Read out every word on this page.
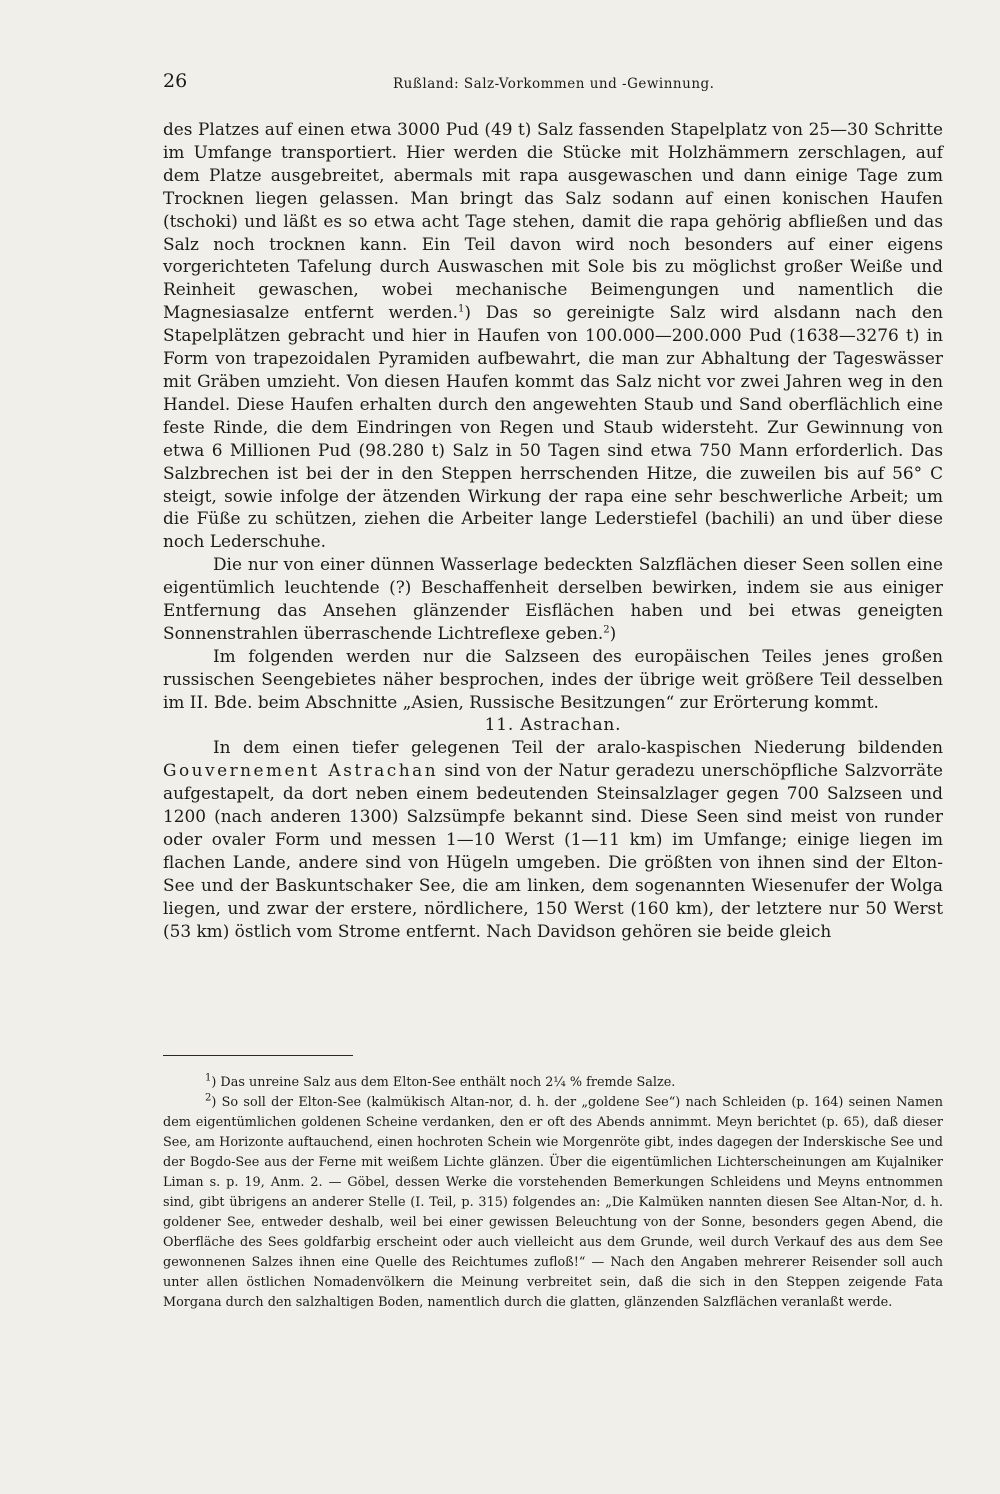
26	Rußland: Salz-Vorkommen und -Gewinnung.

des Platzes auf einen etwa 3000 Pud (49 t) Salz fassenden Stapelplatz von 25—30 Schritte im Umfange transportiert. Hier werden die Stücke mit Holzhämmern zerschlagen, auf dem Platze ausgebreitet, abermals mit rapa ausgewaschen und dann einige Tage zum Trocknen liegen gelassen. Man bringt das Salz sodann auf einen konischen Haufen (tschoki) und läßt es so etwa acht Tage stehen, damit die rapa gehörig abfließen und das Salz noch trocknen kann. Ein Teil davon wird noch besonders auf einer eigens vorgerichteten Tafelung durch Auswaschen mit Sole bis zu möglichst großer Weiße und Reinheit gewaschen, wobei mechanische Beimengungen und namentlich die Magnesiasalze entfernt werden.$^1$) Das so gereinigte Salz wird alsdann nach den Stapelplätzen gebracht und hier in Haufen von 100.000—200.000 Pud (1638—3276 t) in Form von trapezoidalen Pyramiden aufbewahrt, die man zur Abhaltung der Tageswässer mit Gräben umzieht. Von diesen Haufen kommt das Salz nicht vor zwei Jahren weg in den Handel. Diese Haufen erhalten durch den angewehten Staub und Sand oberflächlich eine feste Rinde, die dem Eindringen von Regen und Staub widersteht. Zur Gewinnung von etwa 6 Millionen Pud (98.280 t) Salz in 50 Tagen sind etwa 750 Mann erforderlich. Das Salzbrechen ist bei der in den Steppen herrschenden Hitze, die zuweilen bis auf 56° C steigt, sowie infolge der ätzenden Wirkung der rapa eine sehr beschwerliche Arbeit; um die Füße zu schützen, ziehen die Arbeiter lange Lederstiefel (bachili) an und über diese noch Lederschuhe.

Die nur von einer dünnen Wasserlage bedeckten Salzflächen dieser Seen sollen eine eigentümlich leuchtende (?) Beschaffenheit derselben bewirken, indem sie aus einiger Entfernung das Ansehen glänzender Eisflächen haben und bei etwas geneigten Sonnenstrahlen überraschende Lichtreflexe geben.$^2$)

Im folgenden werden nur die Salzseen des europäischen Teiles jenes großen russischen Seengebietes näher besprochen, indes der übrige weit größere Teil desselben im II. Bde. beim Abschnitte „Asien, Russische Besitzungen“ zur Erörterung kommt.

11. Astrachan.

In dem einen tiefer gelegenen Teil der aralo-kaspischen Niederung bildenden Gouvernement Astrachan sind von der Natur geradezu unerschöpfliche Salzvorräte aufgestapelt, da dort neben einem bedeutenden Steinsalzlager gegen 700 Salzseen und 1200 (nach anderen 1300) Salzsümpfe bekannt sind. Diese Seen sind meist von runder oder ovaler Form und messen 1—10 Werst (1—11 km) im Umfange; einige liegen im flachen Lande, andere sind von Hügeln umgeben. Die größten von ihnen sind der Elton-See und der Baskuntschaker See, die am linken, dem sogenannten Wiesenufer der Wolga liegen, und zwar der erstere, nördlichere, 150 Werst (160 km), der letztere nur 50 Werst (53 km) östlich vom Strome entfernt. Nach Davidson gehören sie beide gleich

$^1$) Das unreine Salz aus dem Elton-See enthält noch 2¼ % fremde Salze.

$^2$) So soll der Elton-See (kalmükisch Altan-nor, d. h. der „goldene See“) nach Schleiden (p. 164) seinen Namen dem eigentümlichen goldenen Scheine verdanken, den er oft des Abends annimmt. Meyn berichtet (p. 65), daß dieser See, am Horizonte auftauchend, einen hochroten Schein wie Morgenröte gibt, indes dagegen der Inderskische See und der Bogdo-See aus der Ferne mit weißem Lichte glänzen. Über die eigentümlichen Lichterscheinungen am Kujalniker Liman s. p. 19, Anm. 2. — Göbel, dessen Werke die vorstehenden Bemerkungen Schleidens und Meyns entnommen sind, gibt übrigens an anderer Stelle (I. Teil, p. 315) folgendes an: „Die Kalmüken nannten diesen See Altan-Nor, d. h. goldener See, entweder deshalb, weil bei einer gewissen Beleuchtung von der Sonne, besonders gegen Abend, die Oberfläche des Sees goldfarbig erscheint oder auch vielleicht aus dem Grunde, weil durch Verkauf des aus dem See gewonnenen Salzes ihnen eine Quelle des Reichtumes zufloß!“ — Nach den Angaben mehrerer Reisender soll auch unter allen östlichen Nomadenvölkern die Meinung verbreitet sein, daß die sich in den Steppen zeigende Fata Morgana durch den salzhaltigen Boden, namentlich durch die glatten, glänzenden Salzflächen veranlaßt werde.
